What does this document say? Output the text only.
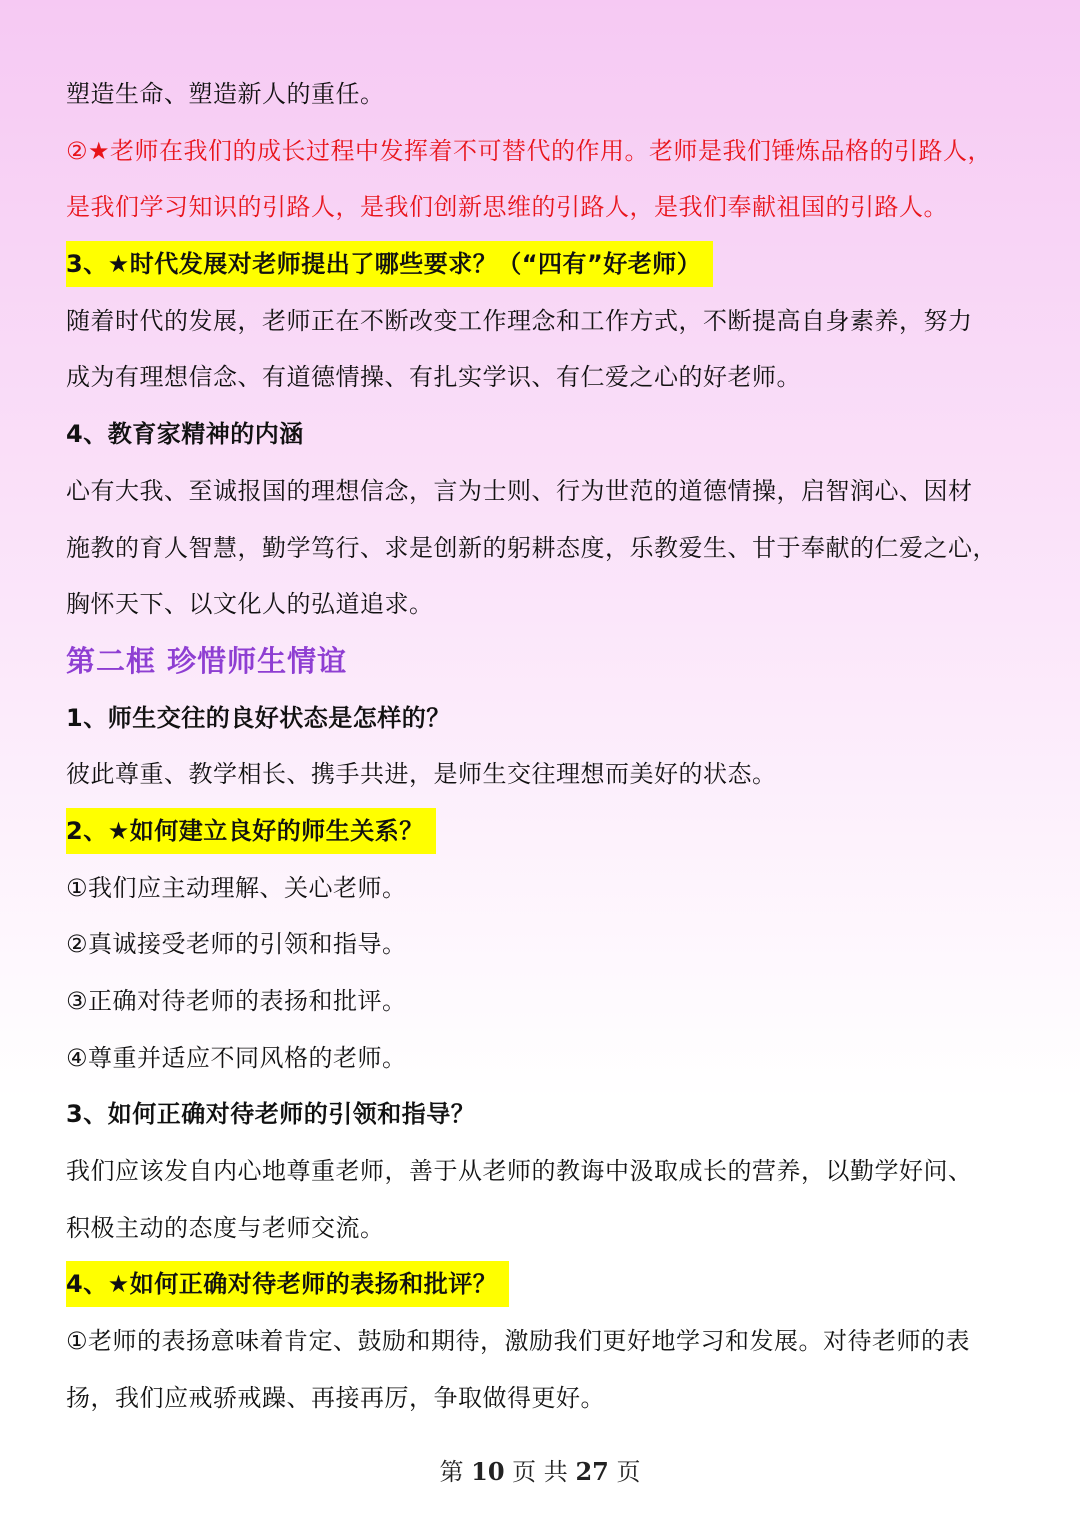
塑造生命、塑造新人的重任。
②★老师在我们的成长过程中发挥着不可替代的作用。老师是我们锤炼品格的引路人，
是我们学习知识的引路人，是我们创新思维的引路人，是我们奉献祖国的引路人。
3、★时代发展对老师提出了哪些要求？（“四有”好老师）
随着时代的发展，老师正在不断改变工作理念和工作方式，不断提高自身素养，努力
成为有理想信念、有道德情操、有扎实学识、有仁爱之心的好老师。
4、教育家精神的内涵
心有大我、至诚报国的理想信念，言为士则、行为世范的道德情操，启智润心、因材
施教的育人智慧，勤学笃行、求是创新的躬耕态度，乐教爱生、甘于奉献的仁爱之心，
胸怀天下、以文化人的弘道追求。
第二框 珍惜师生情谊
1、师生交往的良好状态是怎样的？
彼此尊重、教学相长、携手共进，是师生交往理想而美好的状态。
2、★如何建立良好的师生关系？
①我们应主动理解、关心老师。
②真诚接受老师的引领和指导。
③正确对待老师的表扬和批评。
④尊重并适应不同风格的老师。
3、如何正确对待老师的引领和指导？
我们应该发自内心地尊重老师，善于从老师的教诲中汲取成长的营养，以勤学好问、
积极主动的态度与老师交流。
4、★如何正确对待老师的表扬和批评？
①老师的表扬意味着肯定、鼓励和期待，激励我们更好地学习和发展。对待老师的表
扬，我们应戒骄戒躁、再接再厉，争取做得更好。
第 10 页 共 27 页
